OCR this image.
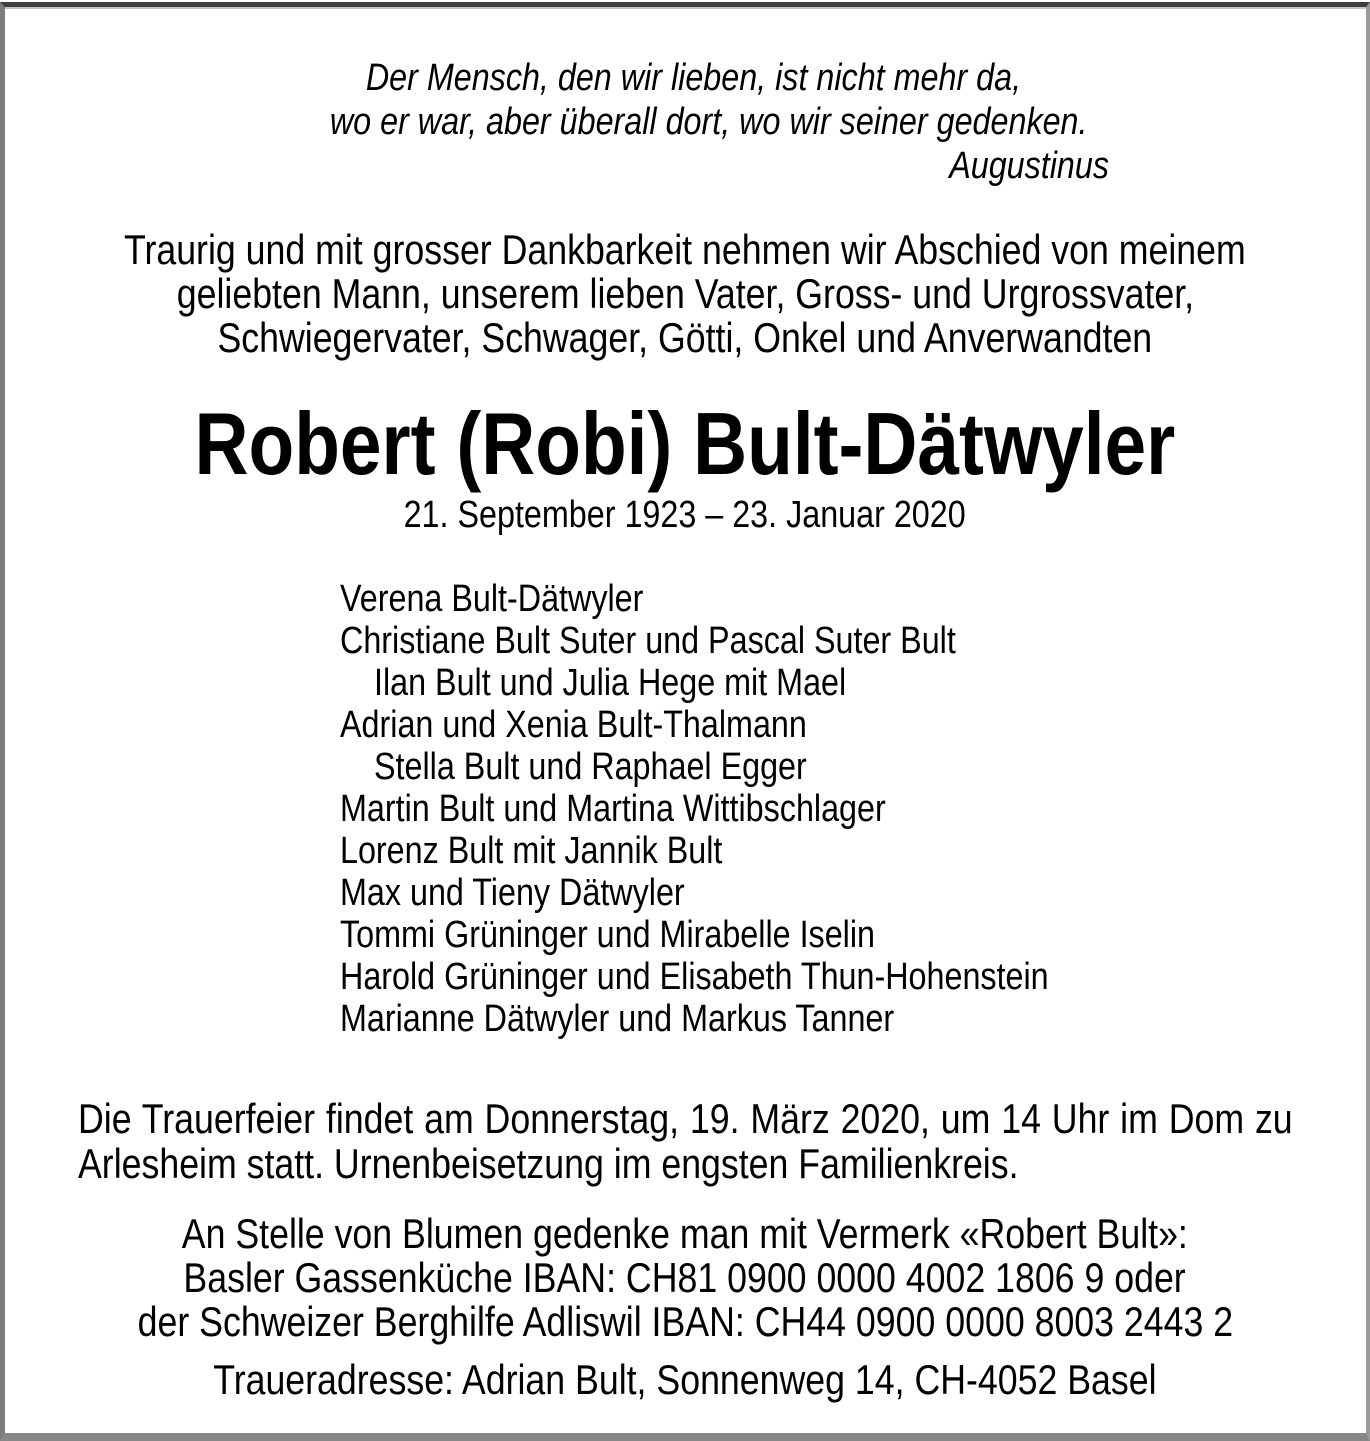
Der Mensch, den wir lieben, ist nicht mehr da,
wo er war, aber überall dort, wo wir seiner gedenken.
Augustinus
Traurig und mit grosser Dankbarkeit nehmen wir Abschied von meinem
geliebten Mann, unserem lieben Vater, Gross- und Urgrossvater,
Schwiegervater, Schwager, Götti, Onkel und Anverwandten
Robert (Robi) Bult-Dätwyler
21. September 1923 – 23. Januar 2020
Verena Bult-Dätwyler
Christiane Bult Suter und Pascal Suter Bult
Ilan Bult und Julia Hege mit Mael
Adrian und Xenia Bult-Thalmann
Stella Bult und Raphael Egger
Martin Bult und Martina Wittibschlager
Lorenz Bult mit Jannik Bult
Max und Tieny Dätwyler
Tommi Grüninger und Mirabelle Iselin
Harold Grüninger und Elisabeth Thun-Hohenstein
Marianne Dätwyler und Markus Tanner
Die Trauerfeier findet am Donnerstag, 19. März 2020, um 14 Uhr im Dom zu
Arlesheim statt. Urnenbeisetzung im engsten Familienkreis.
An Stelle von Blumen gedenke man mit Vermerk «Robert Bult»:
Basler Gassenküche IBAN: CH81 0900 0000 4002 1806 9 oder
der Schweizer Berghilfe Adliswil IBAN: CH44 0900 0000 8003 2443 2
Traueradresse: Adrian Bult, Sonnenweg 14, CH-4052 Basel
